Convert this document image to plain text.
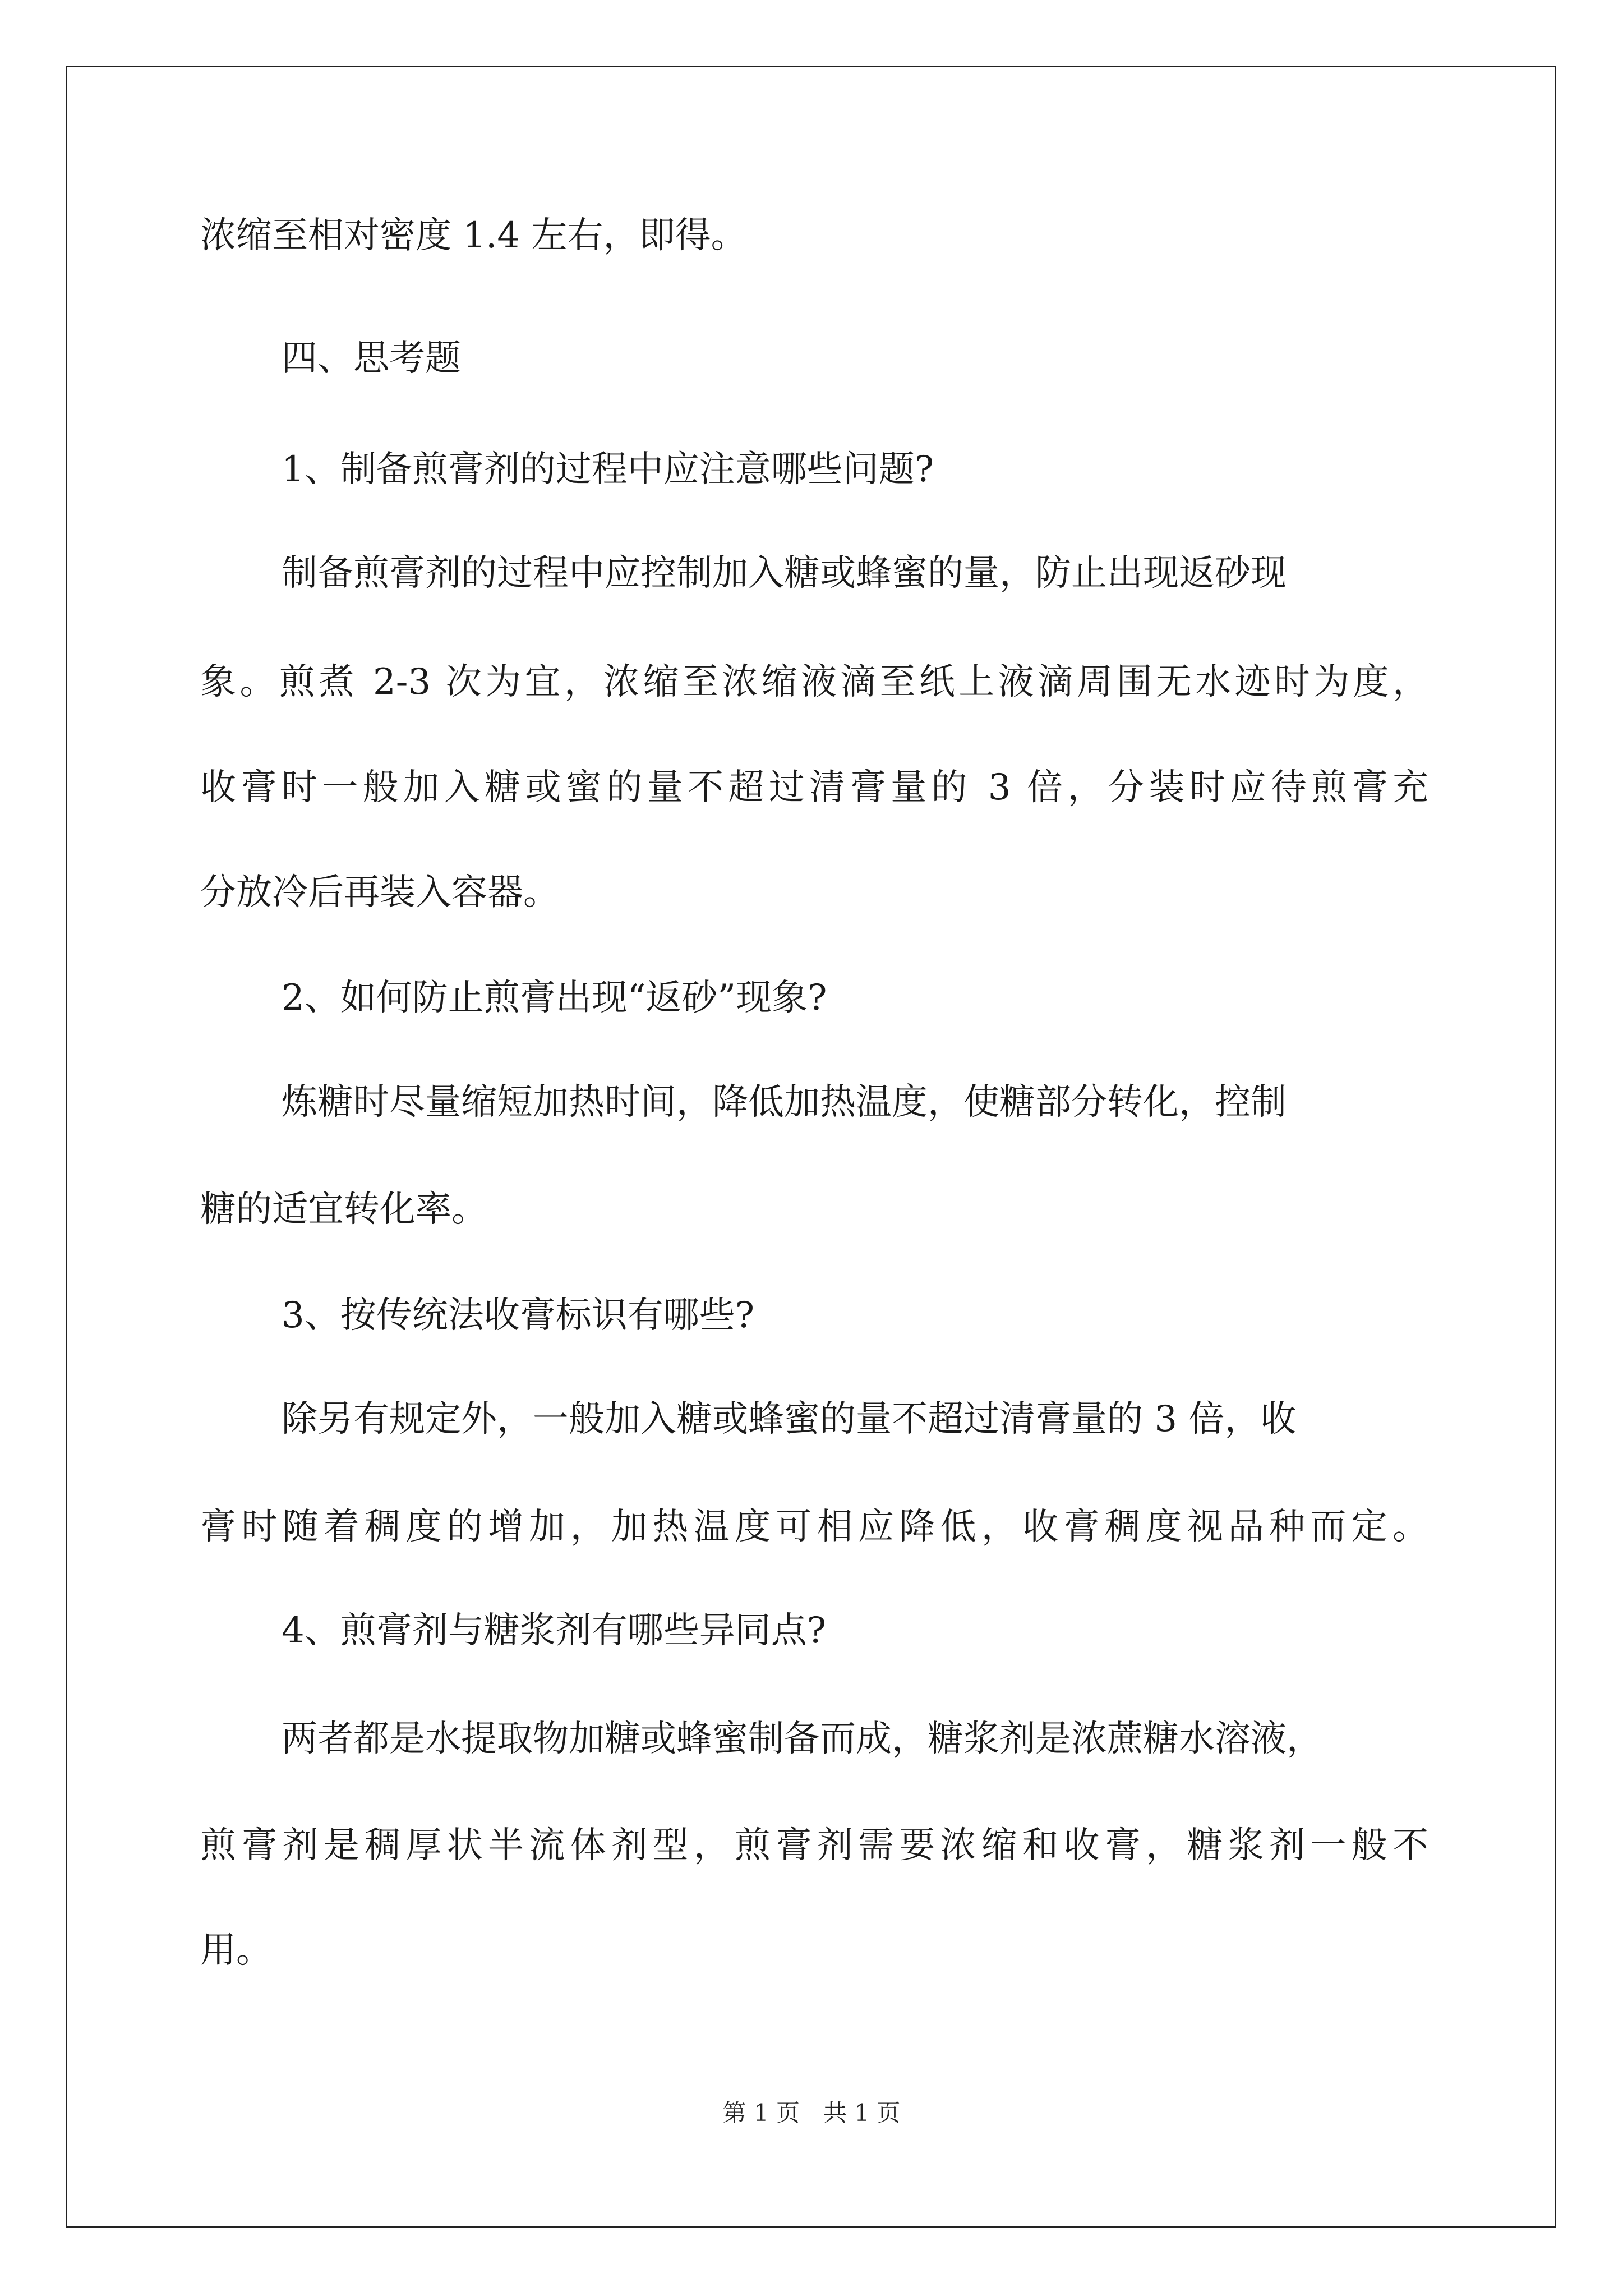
浓缩至相对密度 1.4 左右，即得。
四、思考题
1、制备煎膏剂的过程中应注意哪些问题?
制备煎膏剂的过程中应控制加入糖或蜂蜜的量，防止出现返砂现
象。煎煮 2-3 次为宜，浓缩至浓缩液滴至纸上液滴周围无水迹时为度，
收膏时一般加入糖或蜜的量不超过清膏量的 3 倍，分装时应待煎膏充
分放冷后再装入容器。
2、如何防止煎膏出现“返砂”现象?
炼糖时尽量缩短加热时间，降低加热温度，使糖部分转化，控制
糖的适宜转化率。
3、按传统法收膏标识有哪些?
除另有规定外，一般加入糖或蜂蜜的量不超过清膏量的 3 倍，收
膏时随着稠度的增加，加热温度可相应降低，收膏稠度视品种而定。
4、煎膏剂与糖浆剂有哪些异同点?
两者都是水提取物加糖或蜂蜜制备而成，糖浆剂是浓蔗糖水溶液，
煎膏剂是稠厚状半流体剂型，煎膏剂需要浓缩和收膏，糖浆剂一般不
用。
第 1 页　共 1 页
